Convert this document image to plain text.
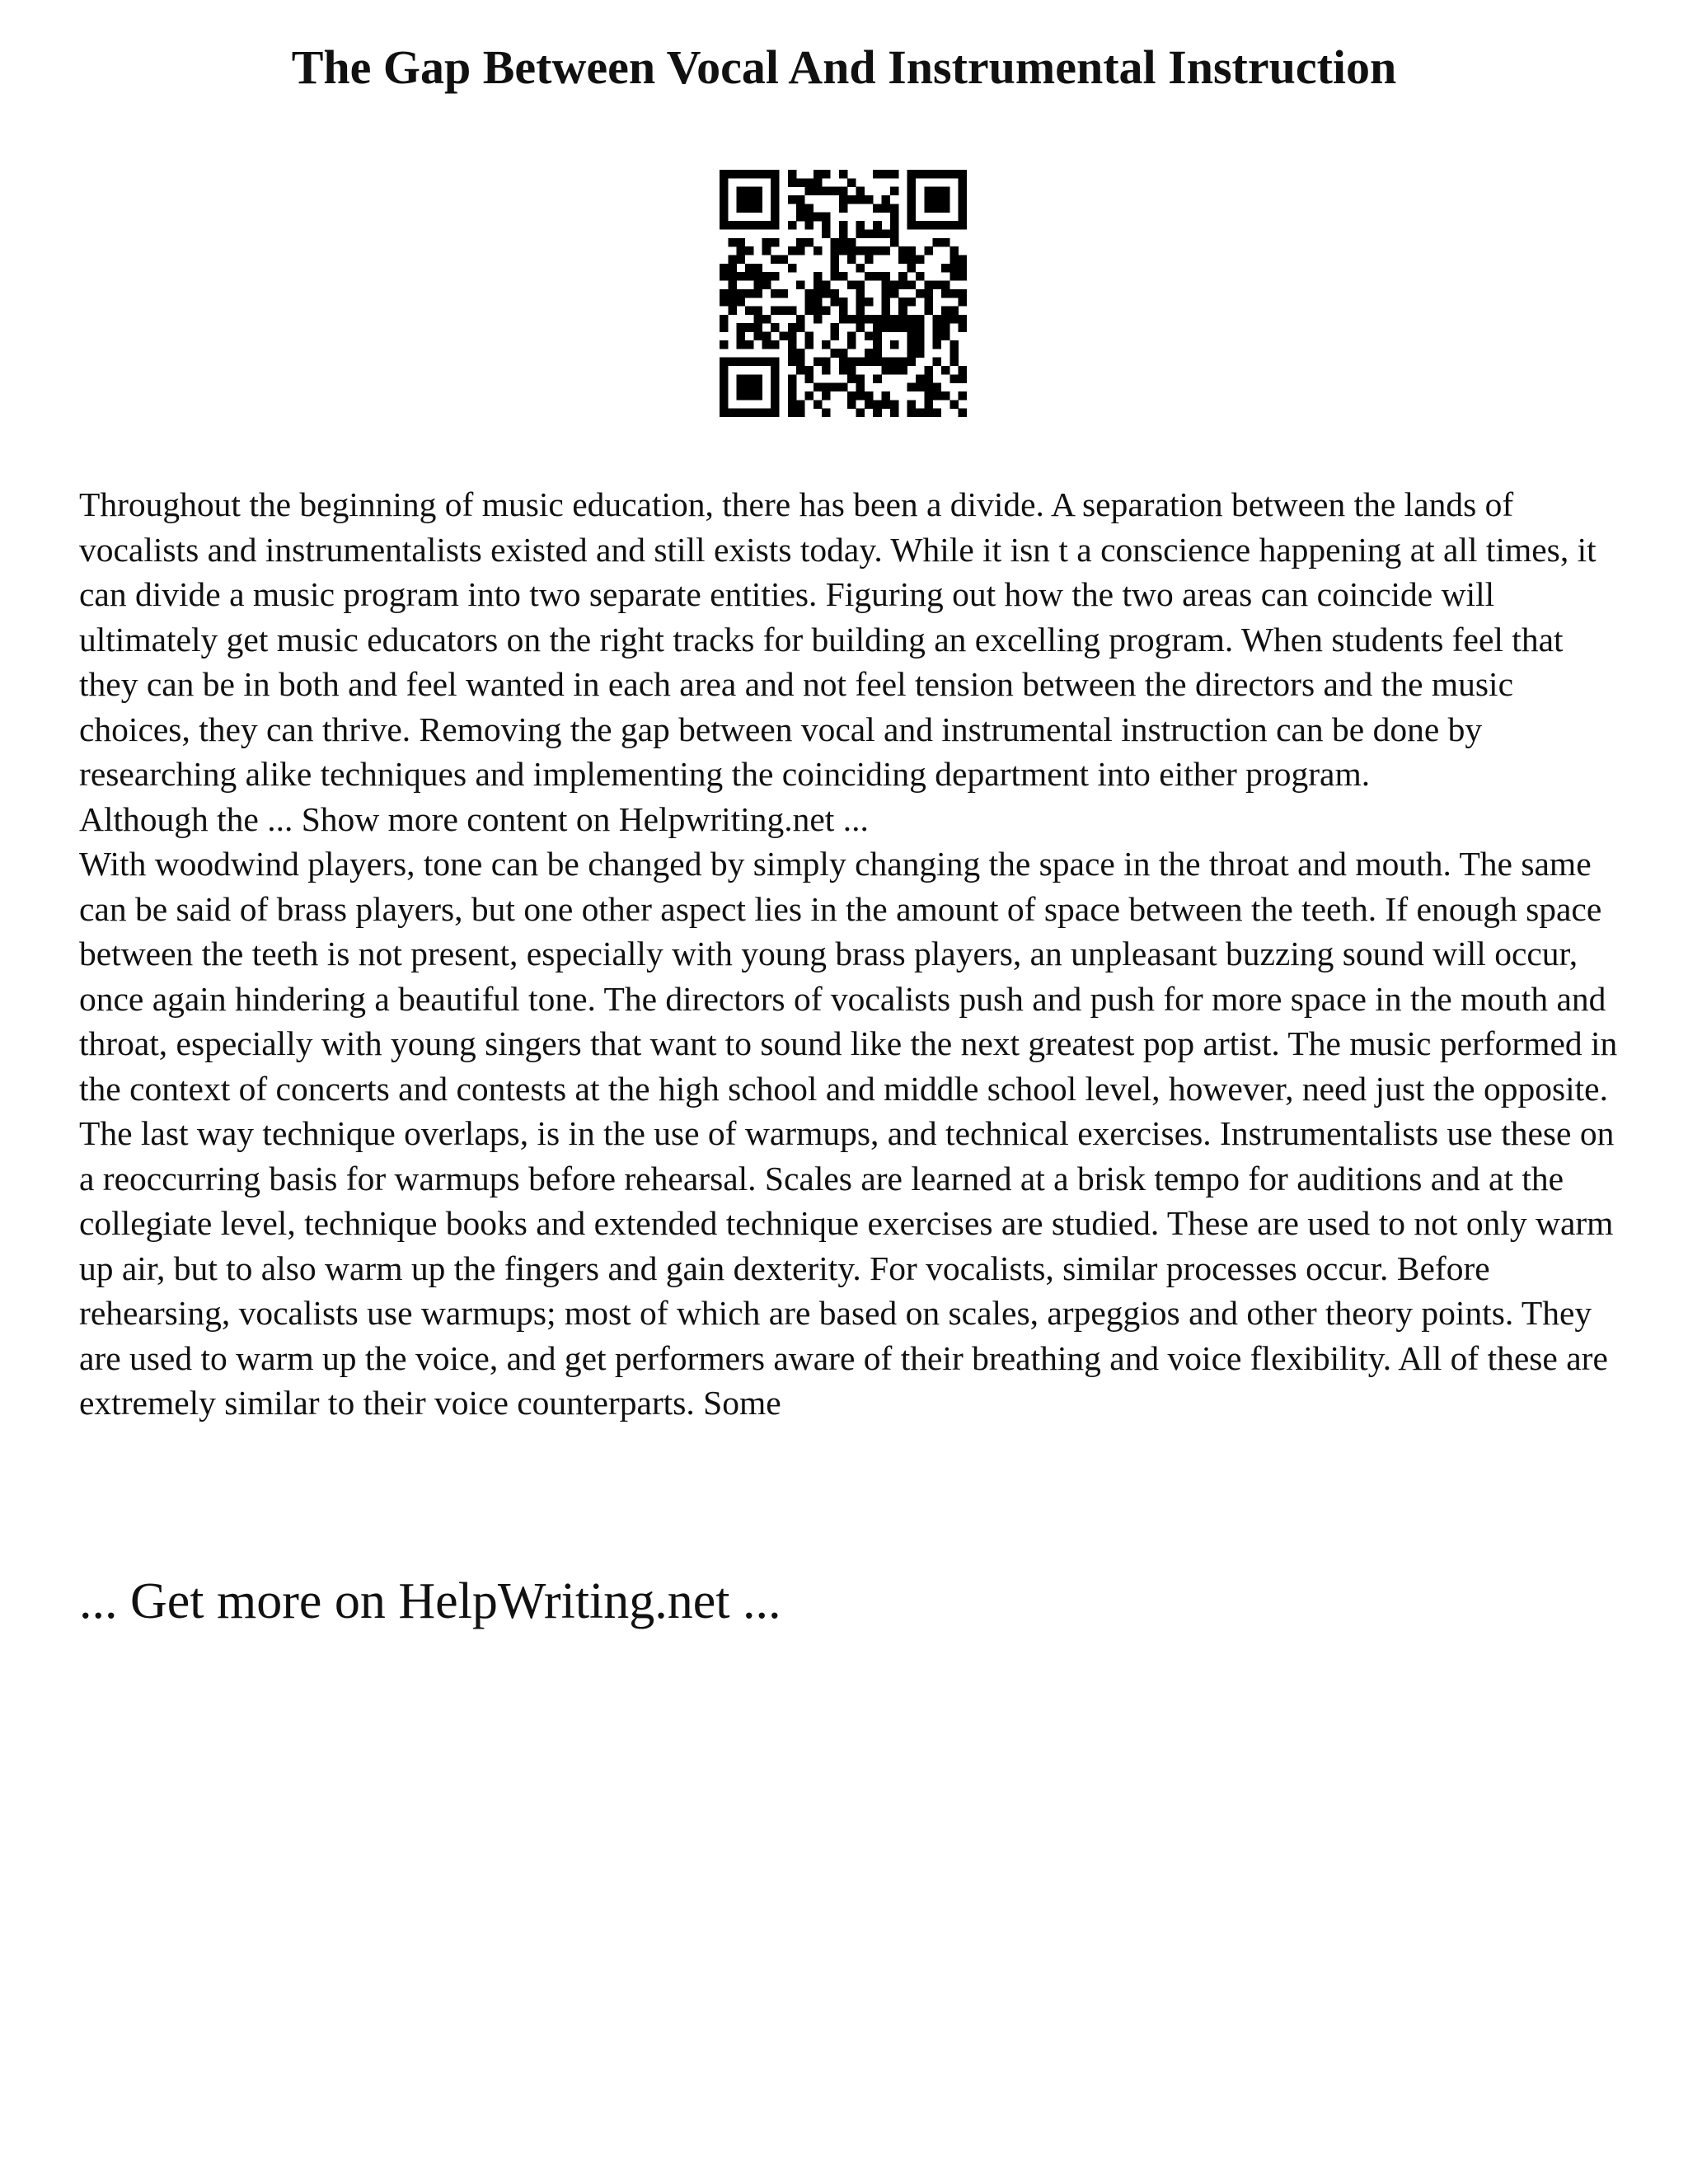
The Gap Between Vocal And Instrumental Instruction

Throughout the beginning of music education, there has been a divide. A separation between the lands of vocalists and instrumentalists existed and still exists today. While it isn t a conscience happening at all times, it can divide a music program into two separate entities. Figuring out how the two areas can coincide will ultimately get music educators on the right tracks for building an excelling program. When students feel that they can be in both and feel wanted in each area and not feel tension between the directors and the music choices, they can thrive. Removing the gap between vocal and instrumental instruction can be done by researching alike techniques and implementing the coinciding department into either program.

Although the ... Show more content on Helpwriting.net ...

With woodwind players, tone can be changed by simply changing the space in the throat and mouth. The same can be said of brass players, but one other aspect lies in the amount of space between the teeth. If enough space between the teeth is not present, especially with young brass players, an unpleasant buzzing sound will occur, once again hindering a beautiful tone. The directors of vocalists push and push for more space in the mouth and throat, especially with young singers that want to sound like the next greatest pop artist. The music performed in the context of concerts and contests at the high school and middle school level, however, need just the opposite.

The last way technique overlaps, is in the use of warmups, and technical exercises. Instrumentalists use these on a reoccurring basis for warmups before rehearsal. Scales are learned at a brisk tempo for auditions and at the collegiate level, technique books and extended technique exercises are studied. These are used to not only warm up air, but to also warm up the fingers and gain dexterity. For vocalists, similar processes occur. Before rehearsing, vocalists use warmups; most of which are based on scales, arpeggios and other theory points. They are used to warm up the voice, and get performers aware of their breathing and voice flexibility. All of these are extremely similar to their voice counterparts. Some

... Get more on HelpWriting.net ...
